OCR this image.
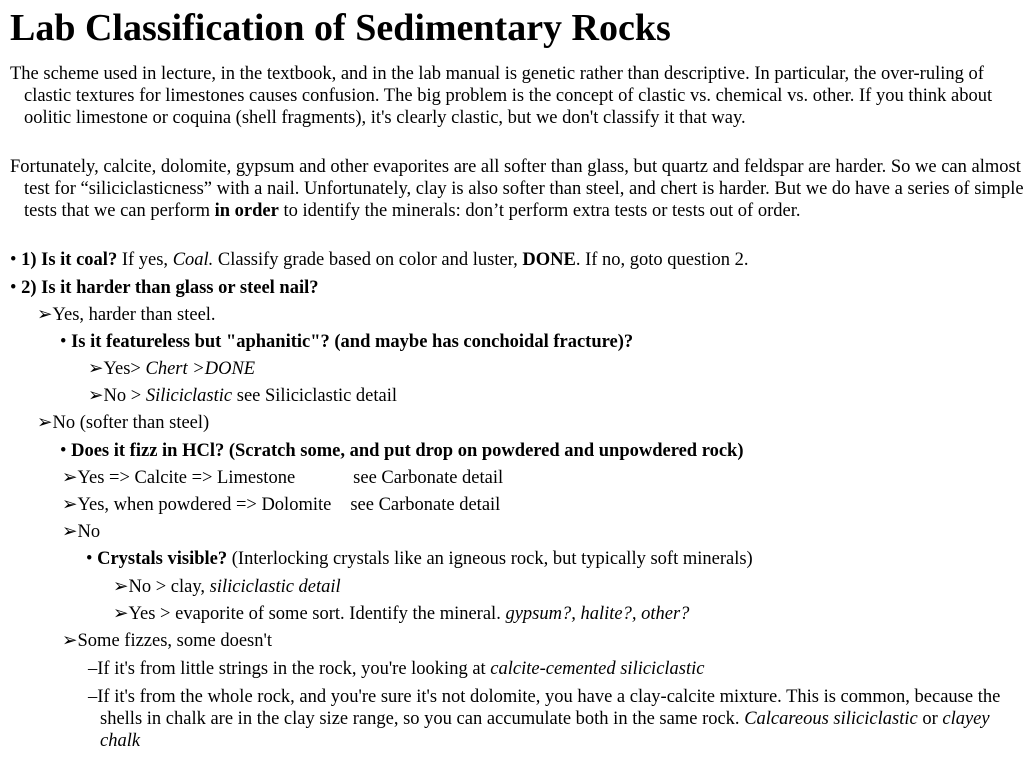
Lab Classification of Sedimentary Rocks

The scheme used in lecture, in the textbook, and in the lab manual is genetic rather than descriptive. In particular, the over-ruling of clastic textures for limestones causes confusion. The big problem is the concept of clastic vs. chemical vs. other. If you think about oolitic limestone or coquina (shell fragments), it's clearly clastic, but we don't classify it that way.

Fortunately, calcite, dolomite, gypsum and other evaporites are all softer than glass, but quartz and feldspar are harder. So we can almost test for “siliciclasticness” with a nail. Unfortunately, clay is also softer than steel, and chert is harder. But we do have a series of simple tests that we can perform in order to identify the minerals: don’t perform extra tests or tests out of order.

• 1) Is it coal? If yes, Coal. Classify grade based on color and luster, DONE. If no, goto question 2.
• 2) Is it harder than glass or steel nail?
➢Yes, harder than steel.
• Is it featureless but "aphanitic"? (and maybe has conchoidal fracture)?
➢Yes> Chert >DONE
➢No > Siliciclastic see Siliciclastic detail
➢No (softer than steel)
• Does it fizz in HCl? (Scratch some, and put drop on powdered and unpowdered rock)
➢Yes => Calcite => Limestone	see Carbonate detail
➢Yes, when powdered => Dolomite see Carbonate detail
➢No
• Crystals visible? (Interlocking crystals like an igneous rock, but typically soft minerals)
➢No > clay, siliciclastic detail
➢Yes > evaporite of some sort. Identify the mineral. gypsum?, halite?, other?
➢Some fizzes, some doesn't
–If it's from little strings in the rock, you're looking at calcite-cemented siliciclastic
–If it's from the whole rock, and you're sure it's not dolomite, you have a clay-calcite mixture. This is common, because the shells in chalk are in the clay size range, so you can accumulate both in the same rock. Calcareous siliciclastic or clayey chalk
